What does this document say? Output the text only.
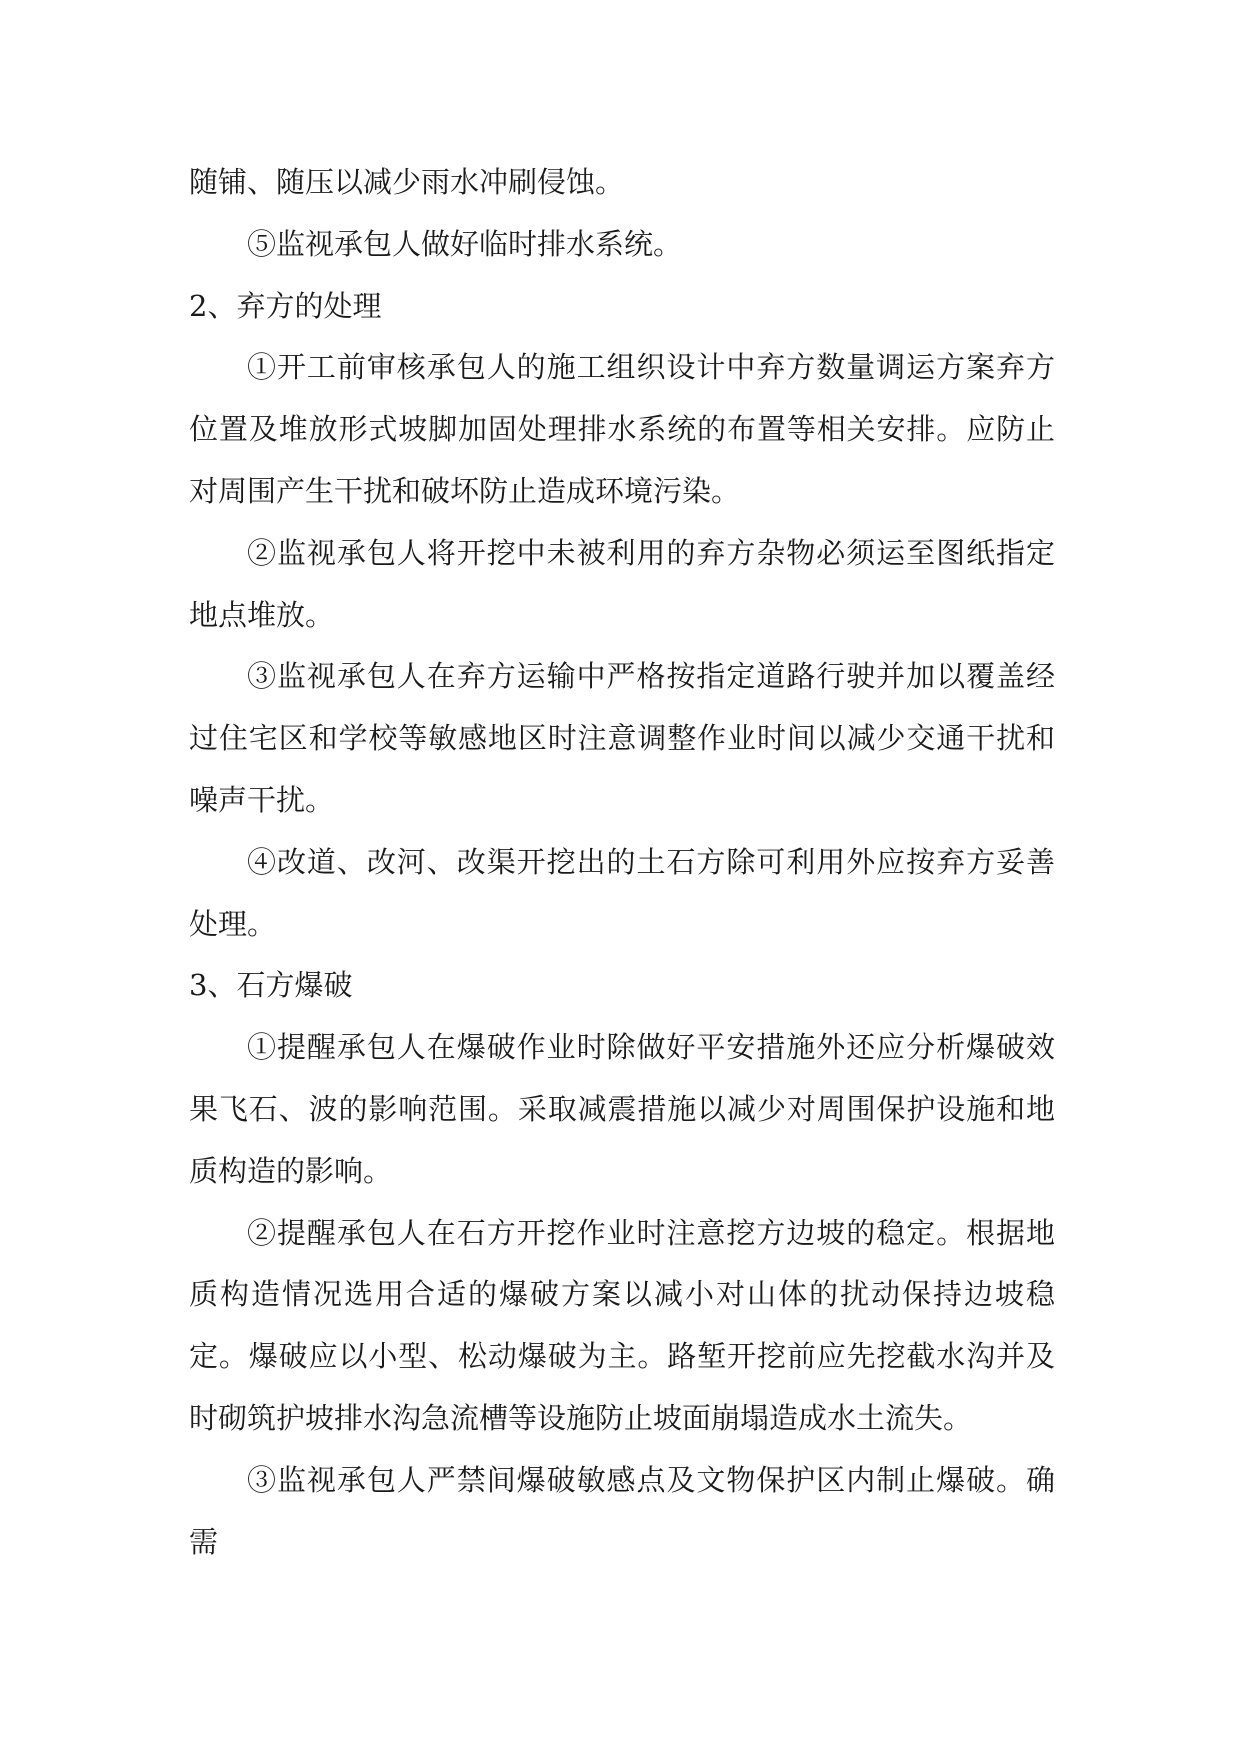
随铺、随压以减少雨水冲刷侵蚀。

⑤监视承包人做好临时排水系统。

2、弃方的处理

①开工前审核承包人的施工组织设计中弃方数量调运方案弃方位置及堆放形式坡脚加固处理排水系统的布置等相关安排。应防止对周围产生干扰和破坏防止造成环境污染。

②监视承包人将开挖中未被利用的弃方杂物必须运至图纸指定地点堆放。

③监视承包人在弃方运输中严格按指定道路行驶并加以覆盖经过住宅区和学校等敏感地区时注意调整作业时间以减少交通干扰和噪声干扰。

④改道、改河、改渠开挖出的土石方除可利用外应按弃方妥善处理。

3、石方爆破

①提醒承包人在爆破作业时除做好平安措施外还应分析爆破效果飞石、波的影响范围。采取减震措施以减少对周围保护设施和地质构造的影响。

②提醒承包人在石方开挖作业时注意挖方边坡的稳定。根据地质构造情况选用合适的爆破方案以减小对山体的扰动保持边坡稳定。爆破应以小型、松动爆破为主。路堑开挖前应先挖截水沟并及时砌筑护坡排水沟急流槽等设施防止坡面崩塌造成水土流失。

③监视承包人严禁间爆破敏感点及文物保护区内制止爆破。确需
